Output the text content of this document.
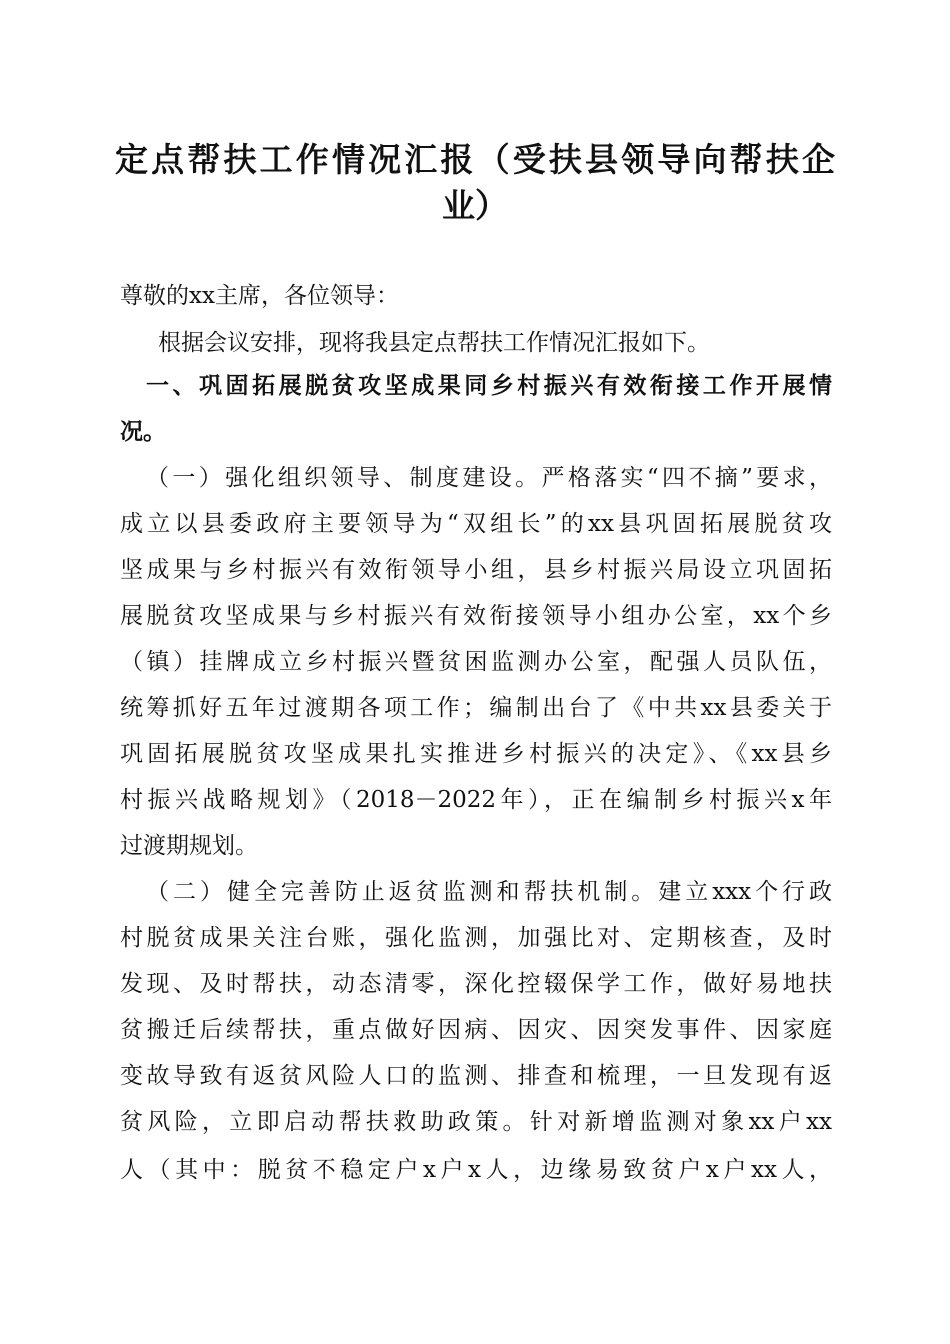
定点帮扶工作情况汇报（受扶县领导向帮扶企
业）
尊敬的xx主席，各位领导：
根据会议安排，现将我县定点帮扶工作情况汇报如下。
一、巩固拓展脱贫攻坚成果同乡村振兴有效衔接工作开展情
况。
（一）强化组织领导、制度建设。严格落实“四不摘”要求，
成立以县委政府主要领导为“双组长”的xx县巩固拓展脱贫攻
坚成果与乡村振兴有效衔领导小组，县乡村振兴局设立巩固拓
展脱贫攻坚成果与乡村振兴有效衔接领导小组办公室，xx个乡
（镇）挂牌成立乡村振兴暨贫困监测办公室，配强人员队伍，
统筹抓好五年过渡期各项工作；编制出台了《中共xx县委关于
巩固拓展脱贫攻坚成果扎实推进乡村振兴的决定》、《xx县乡
村振兴战略规划》（2018－2022年），正在编制乡村振兴x年
过渡期规划。
（二）健全完善防止返贫监测和帮扶机制。建立xxx个行政
村脱贫成果关注台账，强化监测，加强比对、定期核查，及时
发现、及时帮扶，动态清零，深化控辍保学工作，做好易地扶
贫搬迁后续帮扶，重点做好因病、因灾、因突发事件、因家庭
变故导致有返贫风险人口的监测、排查和梳理，一旦发现有返
贫风险，立即启动帮扶救助政策。针对新增监测对象xx户xx
人（其中：脱贫不稳定户x户x人，边缘易致贫户x户xx人，
